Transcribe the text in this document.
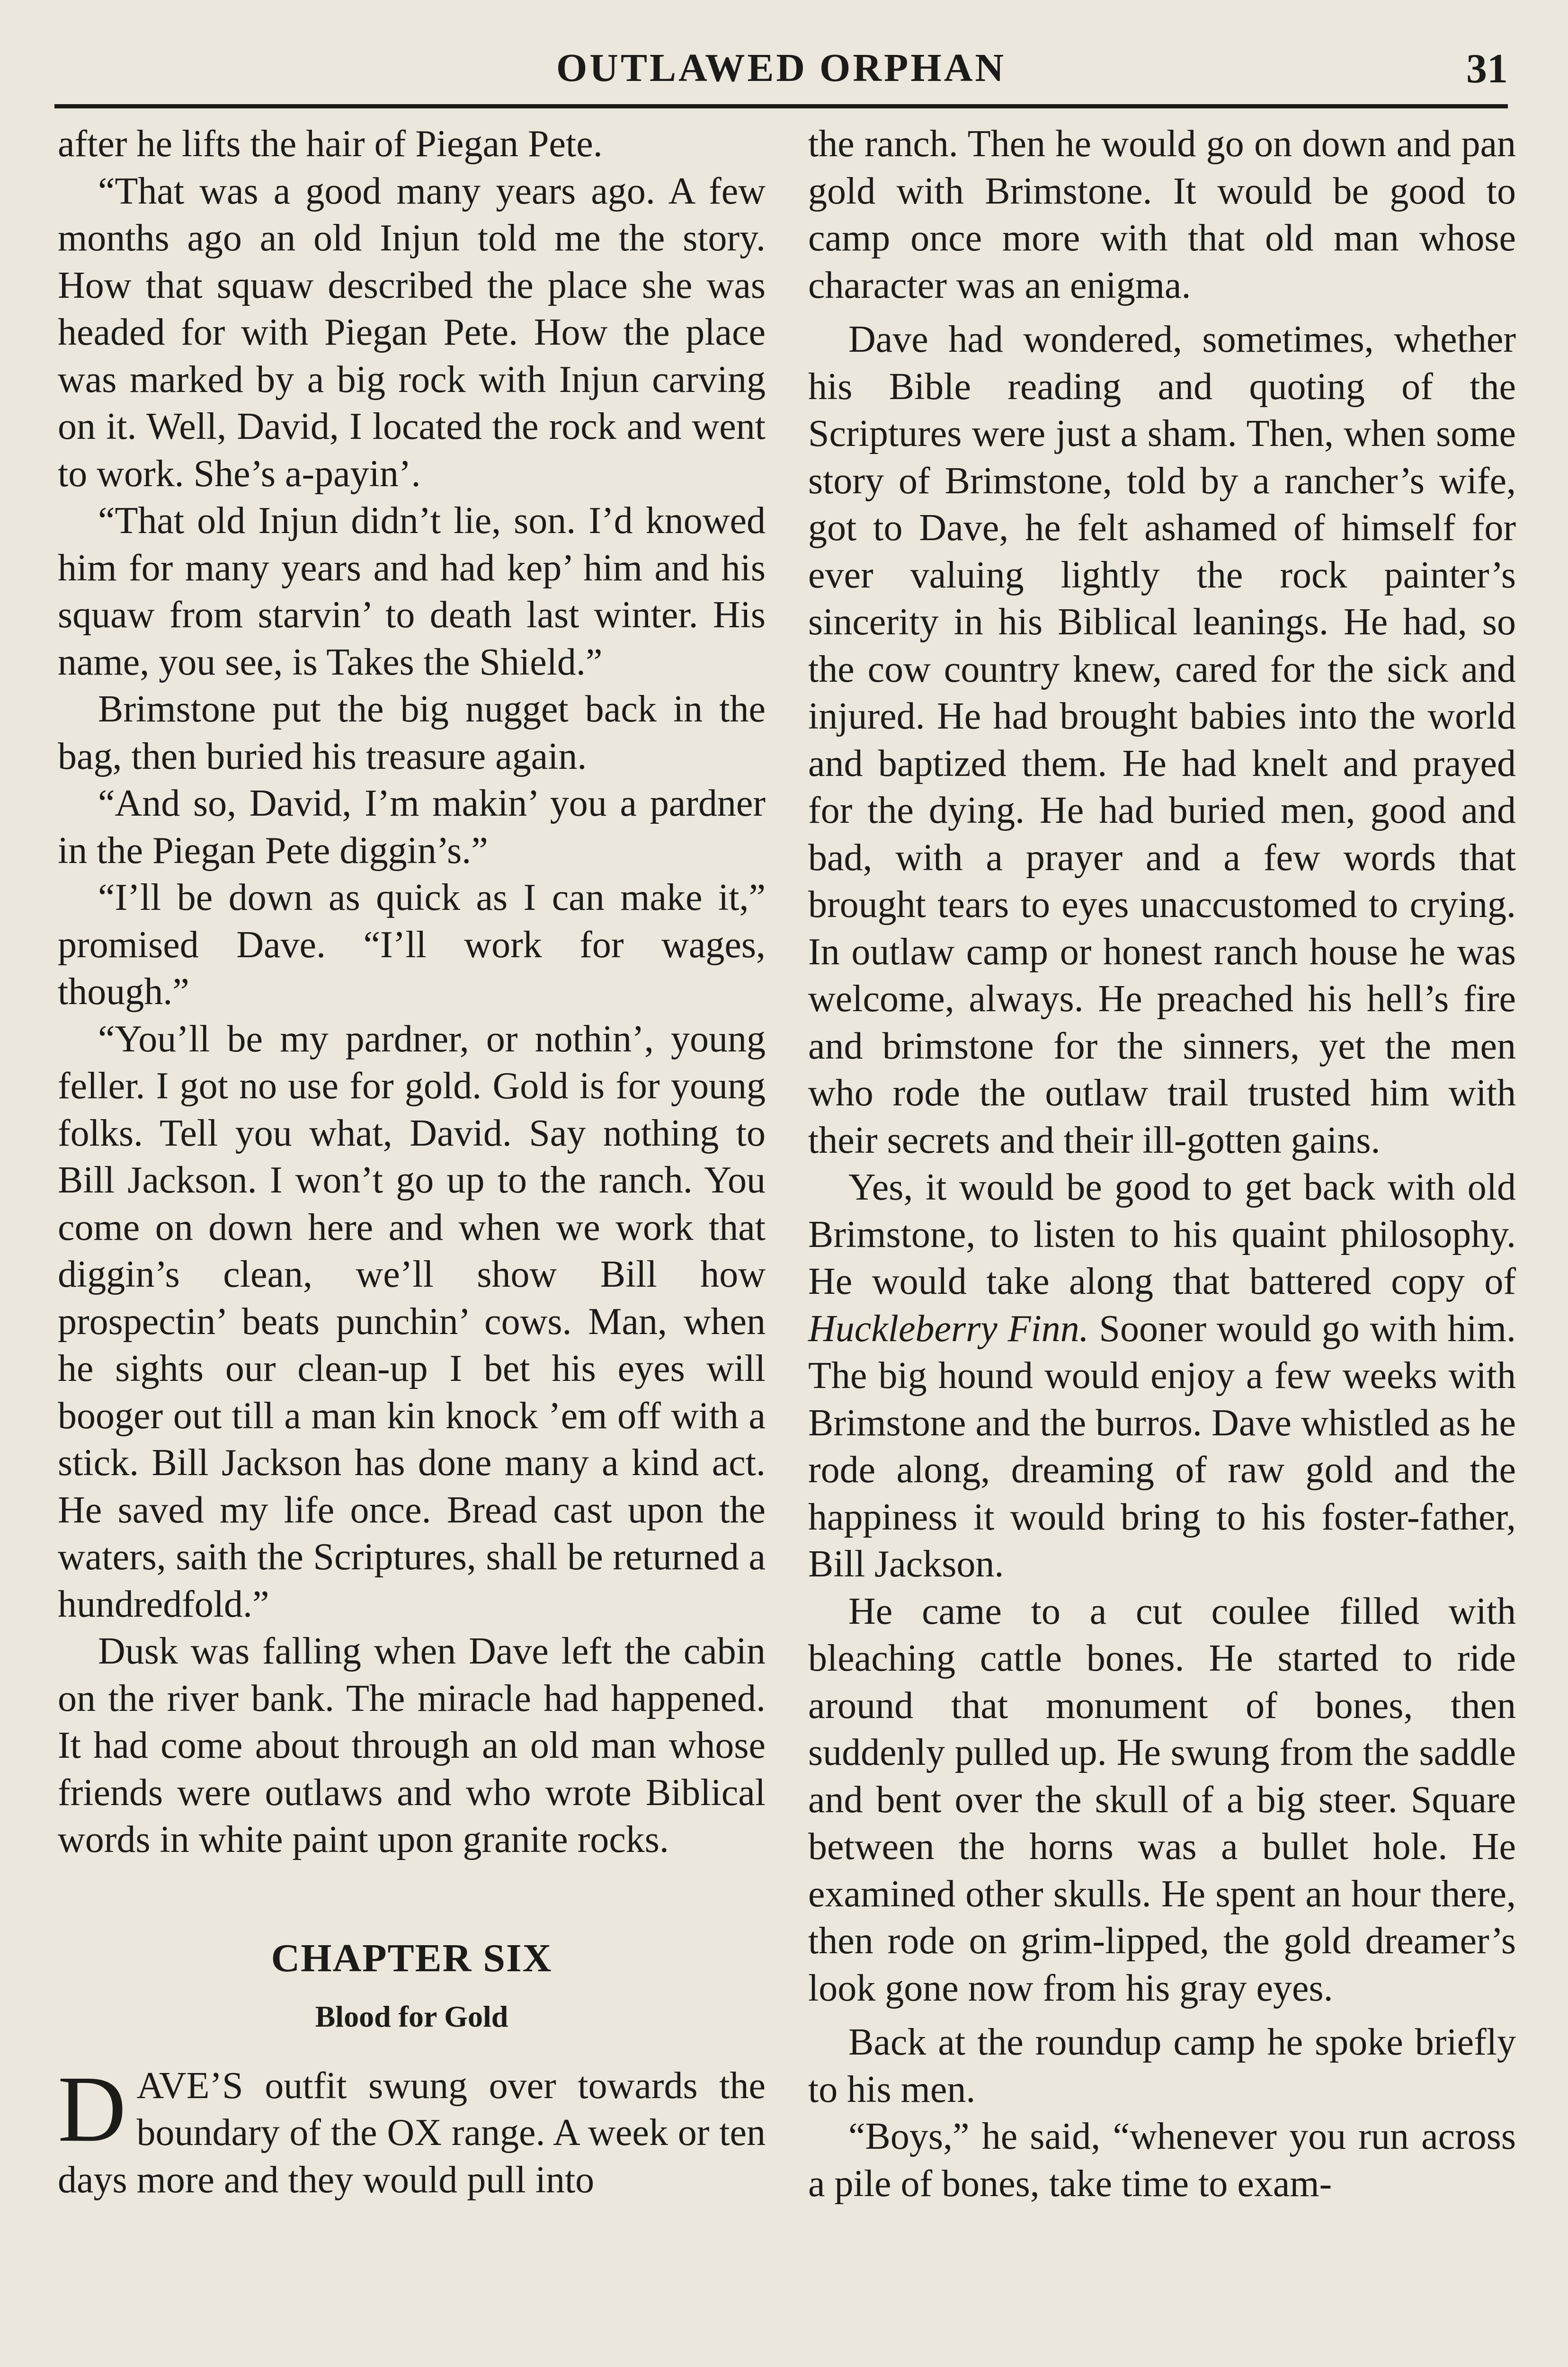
OUTLAWED ORPHAN	31

after he lifts the hair of Piegan Pete.

“That was a good many years ago. A few months ago an old Injun told me the story. How that squaw described the place she was headed for with Piegan Pete. How the place was marked by a big rock with Injun carving on it. Well, David, I located the rock and went to work. She’s a-payin’.

“That old Injun didn’t lie, son. I’d knowed him for many years and had kep’ him and his squaw from starvin’ to death last winter. His name, you see, is Takes the Shield.”

Brimstone put the big nugget back in the bag, then buried his treasure again.

“And so, David, I’m makin’ you a pardner in the Piegan Pete diggin’s.”

“I’ll be down as quick as I can make it,” promised Dave. “I’ll work for wages, though.”

“You’ll be my pardner, or nothin’, young feller. I got no use for gold. Gold is for young folks. Tell you what, David. Say nothing to Bill Jackson. I won’t go up to the ranch. You come on down here and when we work that diggin’s clean, we’ll show Bill how prospectin’ beats punchin’ cows. Man, when he sights our clean-up I bet his eyes will booger out till a man kin knock ’em off with a stick. Bill Jackson has done many a kind act. He saved my life once. Bread cast upon the waters, saith the Scriptures, shall be returned a hundredfold.”

Dusk was falling when Dave left the cabin on the river bank. The miracle had happened. It had come about through an old man whose friends were outlaws and who wrote Biblical words in white paint upon granite rocks.

CHAPTER SIX
Blood for Gold

DAVE’S outfit swung over towards the boundary of the OX range. A week or ten days more and they would pull into

the ranch. Then he would go on down and pan gold with Brimstone. It would be good to camp once more with that old man whose character was an enigma.

Dave had wondered, sometimes, whether his Bible reading and quoting of the Scriptures were just a sham. Then, when some story of Brimstone, told by a rancher’s wife, got to Dave, he felt ashamed of himself for ever valuing lightly the rock painter’s sincerity in his Biblical leanings. He had, so the cow country knew, cared for the sick and injured. He had brought babies into the world and baptized them. He had knelt and prayed for the dying. He had buried men, good and bad, with a prayer and a few words that brought tears to eyes unaccustomed to crying. In outlaw camp or honest ranch house he was welcome, always. He preached his hell’s fire and brimstone for the sinners, yet the men who rode the outlaw trail trusted him with their secrets and their ill-gotten gains.

Yes, it would be good to get back with old Brimstone, to listen to his quaint philosophy. He would take along that battered copy of Huckleberry Finn. Sooner would go with him. The big hound would enjoy a few weeks with Brimstone and the burros. Dave whistled as he rode along, dreaming of raw gold and the happiness it would bring to his foster-father, Bill Jackson.

He came to a cut coulee filled with bleaching cattle bones. He started to ride around that monument of bones, then suddenly pulled up. He swung from the saddle and bent over the skull of a big steer. Square between the horns was a bullet hole. He examined other skulls. He spent an hour there, then rode on grim-lipped, the gold dreamer’s look gone now from his gray eyes.

Back at the roundup camp he spoke briefly to his men.

“Boys,” he said, “whenever you run across a pile of bones, take time to exam-
